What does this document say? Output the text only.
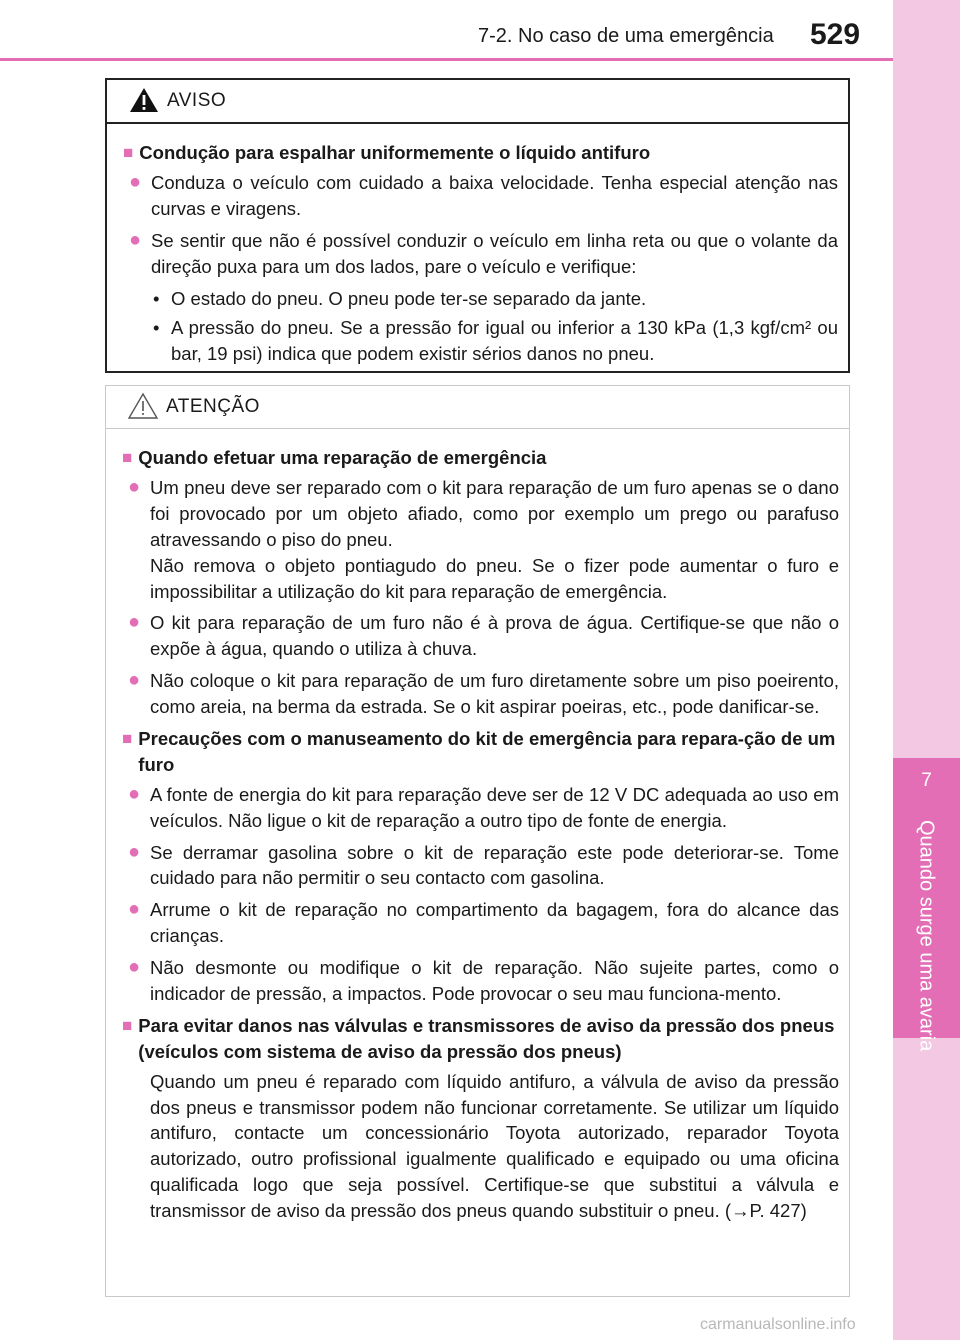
7-2. No caso de uma emergência 529
7
Quando surge uma avaria
AVISO
■ Condução para espalhar uniformemente o líquido antifuro
● Conduza o veículo com cuidado a baixa velocidade. Tenha especial atenção nas curvas e viragens.
● Se sentir que não é possível conduzir o veículo em linha reta ou que o volante da direção puxa para um dos lados, pare o veículo e verifique:
• O estado do pneu. O pneu pode ter-se separado da jante.
• A pressão do pneu. Se a pressão for igual ou inferior a 130 kPa (1,3 kgf/cm² ou bar, 19 psi) indica que podem existir sérios danos no pneu.
ATENÇÃO
■ Quando efetuar uma reparação de emergência
● Um pneu deve ser reparado com o kit para reparação de um furo apenas se o dano foi provocado por um objeto afiado, como por exemplo um prego ou parafuso atravessando o piso do pneu.
Não remova o objeto pontiagudo do pneu. Se o fizer pode aumentar o furo e impossibilitar a utilização do kit para reparação de emergência.
● O kit para reparação de um furo não é à prova de água. Certifique-se que não o expõe à água, quando o utiliza à chuva.
● Não coloque o kit para reparação de um furo diretamente sobre um piso poeirento, como areia, na berma da estrada. Se o kit aspirar poeiras, etc., pode danificar-se.
■ Precauções com o manuseamento do kit de emergência para repara-ção de um furo
● A fonte de energia do kit para reparação deve ser de 12 V DC adequada ao uso em veículos. Não ligue o kit de reparação a outro tipo de fonte de energia.
● Se derramar gasolina sobre o kit de reparação este pode deteriorar-se. Tome cuidado para não permitir o seu contacto com gasolina.
● Arrume o kit de reparação no compartimento da bagagem, fora do alcance das crianças.
● Não desmonte ou modifique o kit de reparação. Não sujeite partes, como o indicador de pressão, a impactos. Pode provocar o seu mau funciona-mento.
■ Para evitar danos nas válvulas e transmissores de aviso da pressão dos pneus (veículos com sistema de aviso da pressão dos pneus)
Quando um pneu é reparado com líquido antifuro, a válvula de aviso da pressão dos pneus e transmissor podem não funcionar corretamente. Se utilizar um líquido antifuro, contacte um concessionário Toyota autorizado, reparador Toyota autorizado, outro profissional igualmente qualificado e equipado ou uma oficina qualificada logo que seja possível. Certifique-se que substitui a válvula e transmissor de aviso da pressão dos pneus quando substituir o pneu. (→P. 427)
carmanualsonline.info
